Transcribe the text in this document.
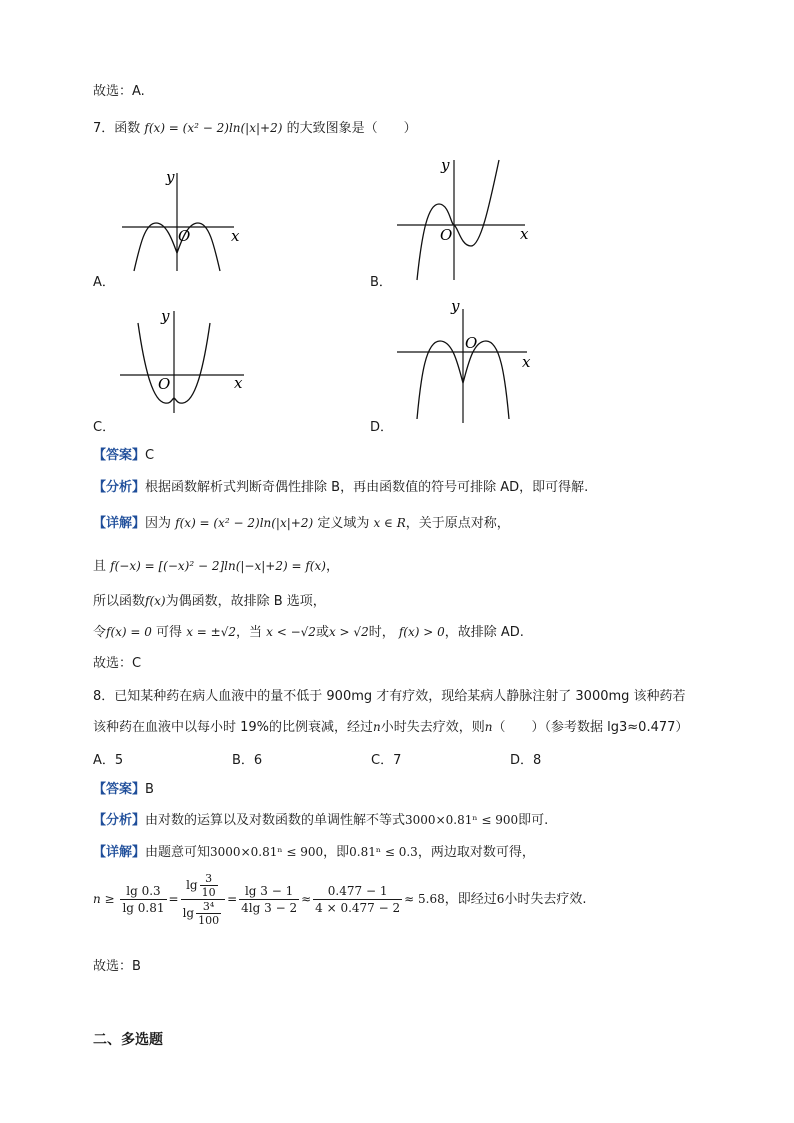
故选：A.
7．函数 f(x) = (x² − 2)ln(|x|+2) 的大致图象是（　　）
x
y
O
A．
x
y
O
B．
x
y
O
C．
x
y
O
D．
【答案】C
【分析】根据函数解析式判断奇偶性排除 B，再由函数值的符号可排除 AD，即可得解.
【详解】因为 f(x) = (x² − 2)ln(|x|+2) 定义域为 x ∈ R，关于原点对称，
且 f(−x) = [(−x)² − 2]ln(|−x|+2) = f(x)，
所以函数f(x)为偶函数，故排除 B 选项，
令f(x) = 0 可得 x = ±√2，当 x < −√2或x > √2时， f(x) > 0，故排除 AD.
故选：C
8．已知某种药在病人血液中的量不低于 900mg 才有疗效，现给某病人静脉注射了 3000mg 该种药若
该种药在血液中以每小时 19%的比例衰减，经过n小时失去疗效，则n（　　）（参考数据 lg3≈0.477）
A．5	B．6	C．7	D．8
【答案】B
【分析】由对数的运算以及对数函数的单调性解不等式3000×0.81ⁿ ≤ 900即可.
【详解】由题意可知3000×0.81ⁿ ≤ 900，即0.81ⁿ ≤ 0.3，两边取对数可得，
$n \ge \frac{\lg 0.3}{\lg 0.81} = \frac{\lg \frac{3}{10}}{\lg \frac{\text{3⁴}}{100}} = \frac{\lg 3 - 1}{4\lg 3 - 2} \approx \frac{0.477 - 1}{4 \times 0.477 - 2} \approx 5.68$，即经过6小时失去疗效.
故选：B
二、多选题
